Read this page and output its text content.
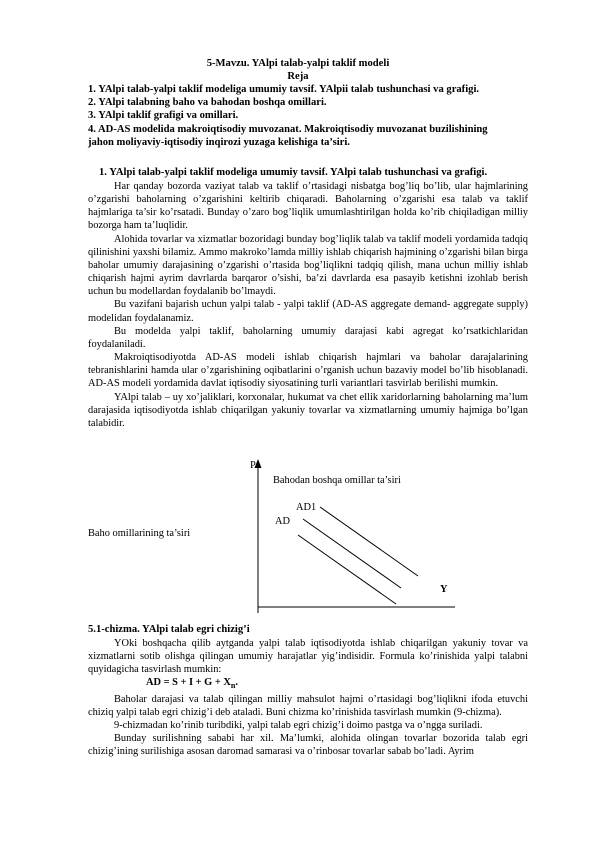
5-Mavzu. YAlpi talab-yalpi taklif modeli
Reja
1. YAlpi talab-yalpi taklif modeliga umumiy tavsif. YAlpii talab tushunchasi va grafigi.
2. YAlpi talabning baho va bahodan boshqa omillari.
3. YAlpi taklif grafigi va omillari.
4. AD-AS modelida makroiqtisodiy muvozanat. Makroiqtisodiy muvozanat buzilishining
jahon moliyaviy-iqtisodiy inqirozi yuzaga kelishiga ta’siri.
1. YAlpi talab-yalpi taklif modeliga umumiy tavsif. YAlpi talab tushunchasi va grafigi.

Har qanday bozorda vaziyat talab va taklif o’rtasidagi nisbatga bog’liq bo’lib, ular hajmlarining o’zgarishi baholarning o’zgarishini keltirib chiqaradi. Baholarning o’zgarishi esa talab va taklif hajmlariga ta’sir ko’rsatadi. Bunday o’zaro bog’liqlik umumlashtirilgan holda ko’rib chiqiladigan milliy bozorga ham ta’luqlidir.

Alohida tovarlar va xizmatlar bozoridagi bunday bog’liqlik talab va taklif modeli yordamida tadqiq qilinishini yaxshi bilamiz. Ammo makroko’lamda milliy ishlab chiqarish hajmining o’zgarishi bilan birga baholar umumiy darajasining o’zgarishi o’rtasida bog’liqlikni tadqiq qilish, mana uchun milliy ishlab chiqarish hajmi ayrim davrlarda barqaror o’sishi, ba’zi davrlarda esa pasayib ketishni izohlab berish uchun bu modellardan foydalanib bo’lmaydi.

Bu vazifani bajarish uchun yalpi talab - yalpi taklif (AD-AS aggregate demand- aggregate supply) modelidan foydalanamiz.

Bu modelda yalpi taklif, baholarning umumiy darajasi kabi agregat ko’rsatkichlaridan foydalaniladi.

Makroiqtisodiyotda AD-AS modeli ishlab chiqarish hajmlari va baholar darajalarining tebranishlarini hamda ular o’zgarishining oqibatlarini o’rganish uchun bazaviy model bo’lib hisoblanadi. AD-AS modeli yordamida davlat iqtisodiy siyosatining turli variantlari tasvirlab berilishi mumkin.

YAlpi talab – uy xo’jaliklari, korxonalar, hukumat va chet ellik xaridorlarning baholarning ma’lum darajasida iqtisodiyotda ishlab chiqarilgan yakuniy tovarlar va xizmatlarning umumiy hajmiga bo’lgan talabidir.

P
Bahodan boshqa omillar ta’siri
AD1
AD
Y
Baho omillarining ta’siri
5.1-chizma. YAlpi talab egri chizig’i

YOki boshqacha qilib aytganda yalpi talab iqtisodiyotda ishlab chiqarilgan yakuniy tovar va xizmatlarni sotib olishga qilingan umumiy harajatlar yig’indisidir. Formula ko’rinishida yalpi talabni quyidagicha tasvirlash mumkin:

AD = $S + I + G + X_n$.

Baholar darajasi va talab qilingan milliy mahsulot hajmi o’rtasidagi bog’liqlikni ifoda etuvchi chiziq yalpi talab egri chizig’i deb ataladi. Buni chizma ko’rinishida tasvirlash mumkin (9-chizma).

9-chizmadan ko’rinib turibdiki, yalpi talab egri chizig’i doimo pastga va o’ngga suriladi.

Bunday surilishning sababi har xil. Ma’lumki, alohida olingan tovarlar bozorida talab egri chizig’ining surilishiga asosan daromad samarasi va o’rinbosar tovarlar sabab bo’ladi. Ayrim
